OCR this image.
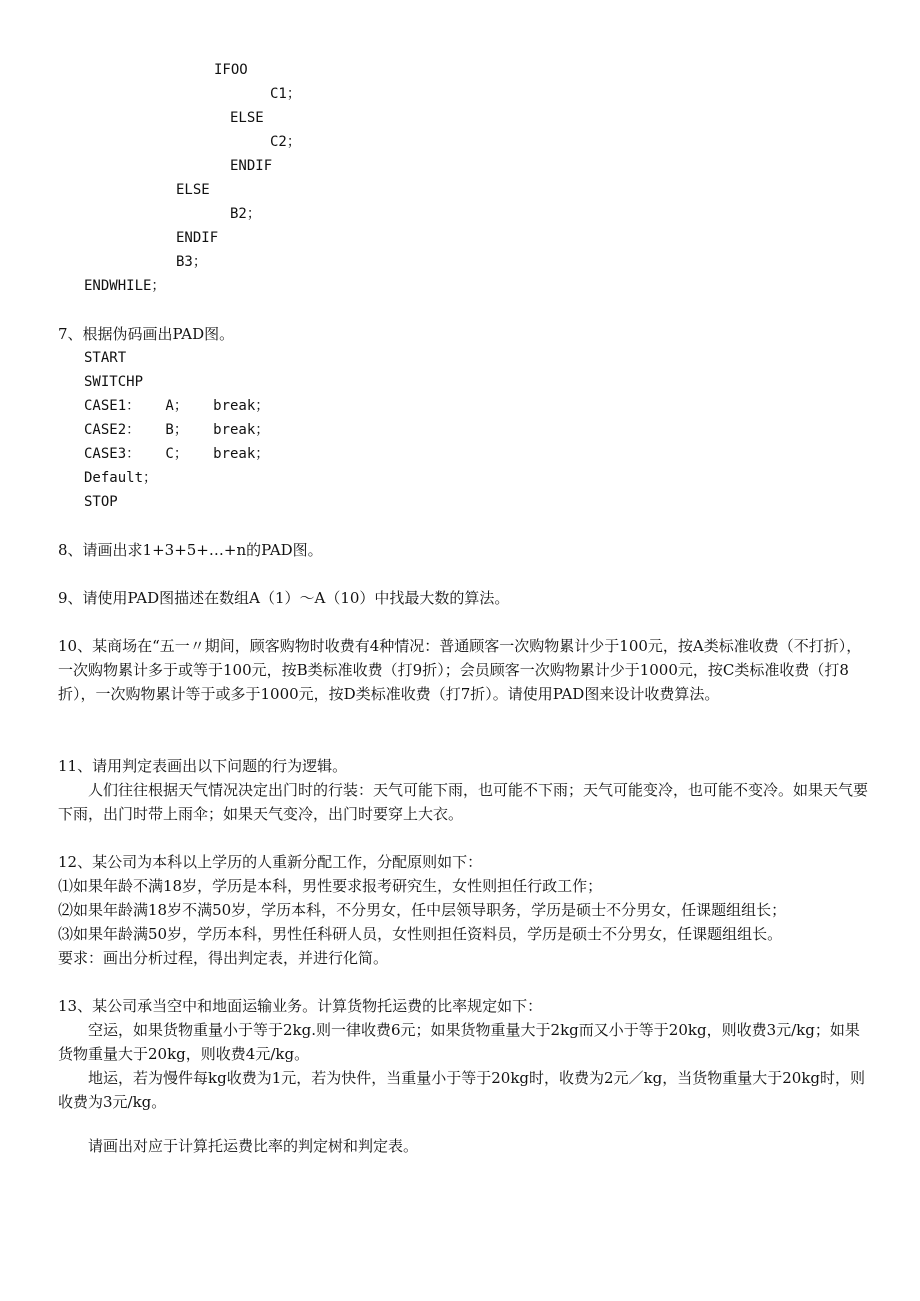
IFOO
C1；
ELSE
C2；
ENDIF
ELSE
B2；
ENDIF
B3；
ENDWHILE；

7、根据伪码画出PAD图。

START
SWITCHP
CASE1：   A；   break；
CASE2：   B；   break；
CASE3：   C；   break；
Default；
STOP

8、请画出求1+3+5+…+n的PAD图。

9、请使用PAD图描述在数组A（1）～A（10）中找最大数的算法。

10、某商场在“五一〃期间，顾客购物时收费有4种情况：普通顾客一次购物累计少于100元，按A类标准收费（不打折），一次购物累计多于或等于100元，按B类标准收费（打9折）；会员顾客一次购物累计少于1000元，按C类标准收费（打8折），一次购物累计等于或多于1000元，按D类标准收费（打7折）。请使用PAD图来设计收费算法。

11、请用判定表画出以下问题的行为逻辑。

人们往往根据天气情况决定出门时的行装：天气可能下雨，也可能不下雨；天气可能变冷，也可能不变冷。如果天气要下雨，出门时带上雨伞；如果天气变冷，出门时要穿上大衣。

12、某公司为本科以上学历的人重新分配工作，分配原则如下：

⑴如果年龄不满18岁，学历是本科，男性要求报考研究生，女性则担任行政工作；

⑵如果年龄满18岁不满50岁，学历本科，不分男女，任中层领导职务，学历是硕士不分男女，任课题组组长；

⑶如果年龄满50岁，学历本科，男性任科研人员，女性则担任资料员，学历是硕士不分男女，任课题组组长。

要求：画出分析过程，得出判定表，并进行化简。

13、某公司承当空中和地面运输业务。计算货物托运费的比率规定如下：

空运，如果货物重量小于等于2kg.则一律收费6元；如果货物重量大于2kg而又小于等于20kg，则收费3元/kg；如果货物重量大于20kg，则收费4元/kg。

地运，若为慢件每kg收费为1元，若为快件，当重量小于等于20kg时，收费为2元／kg，当货物重量大于20kg时，则收费为3元/kg。

请画出对应于计算托运费比率的判定树和判定表。
